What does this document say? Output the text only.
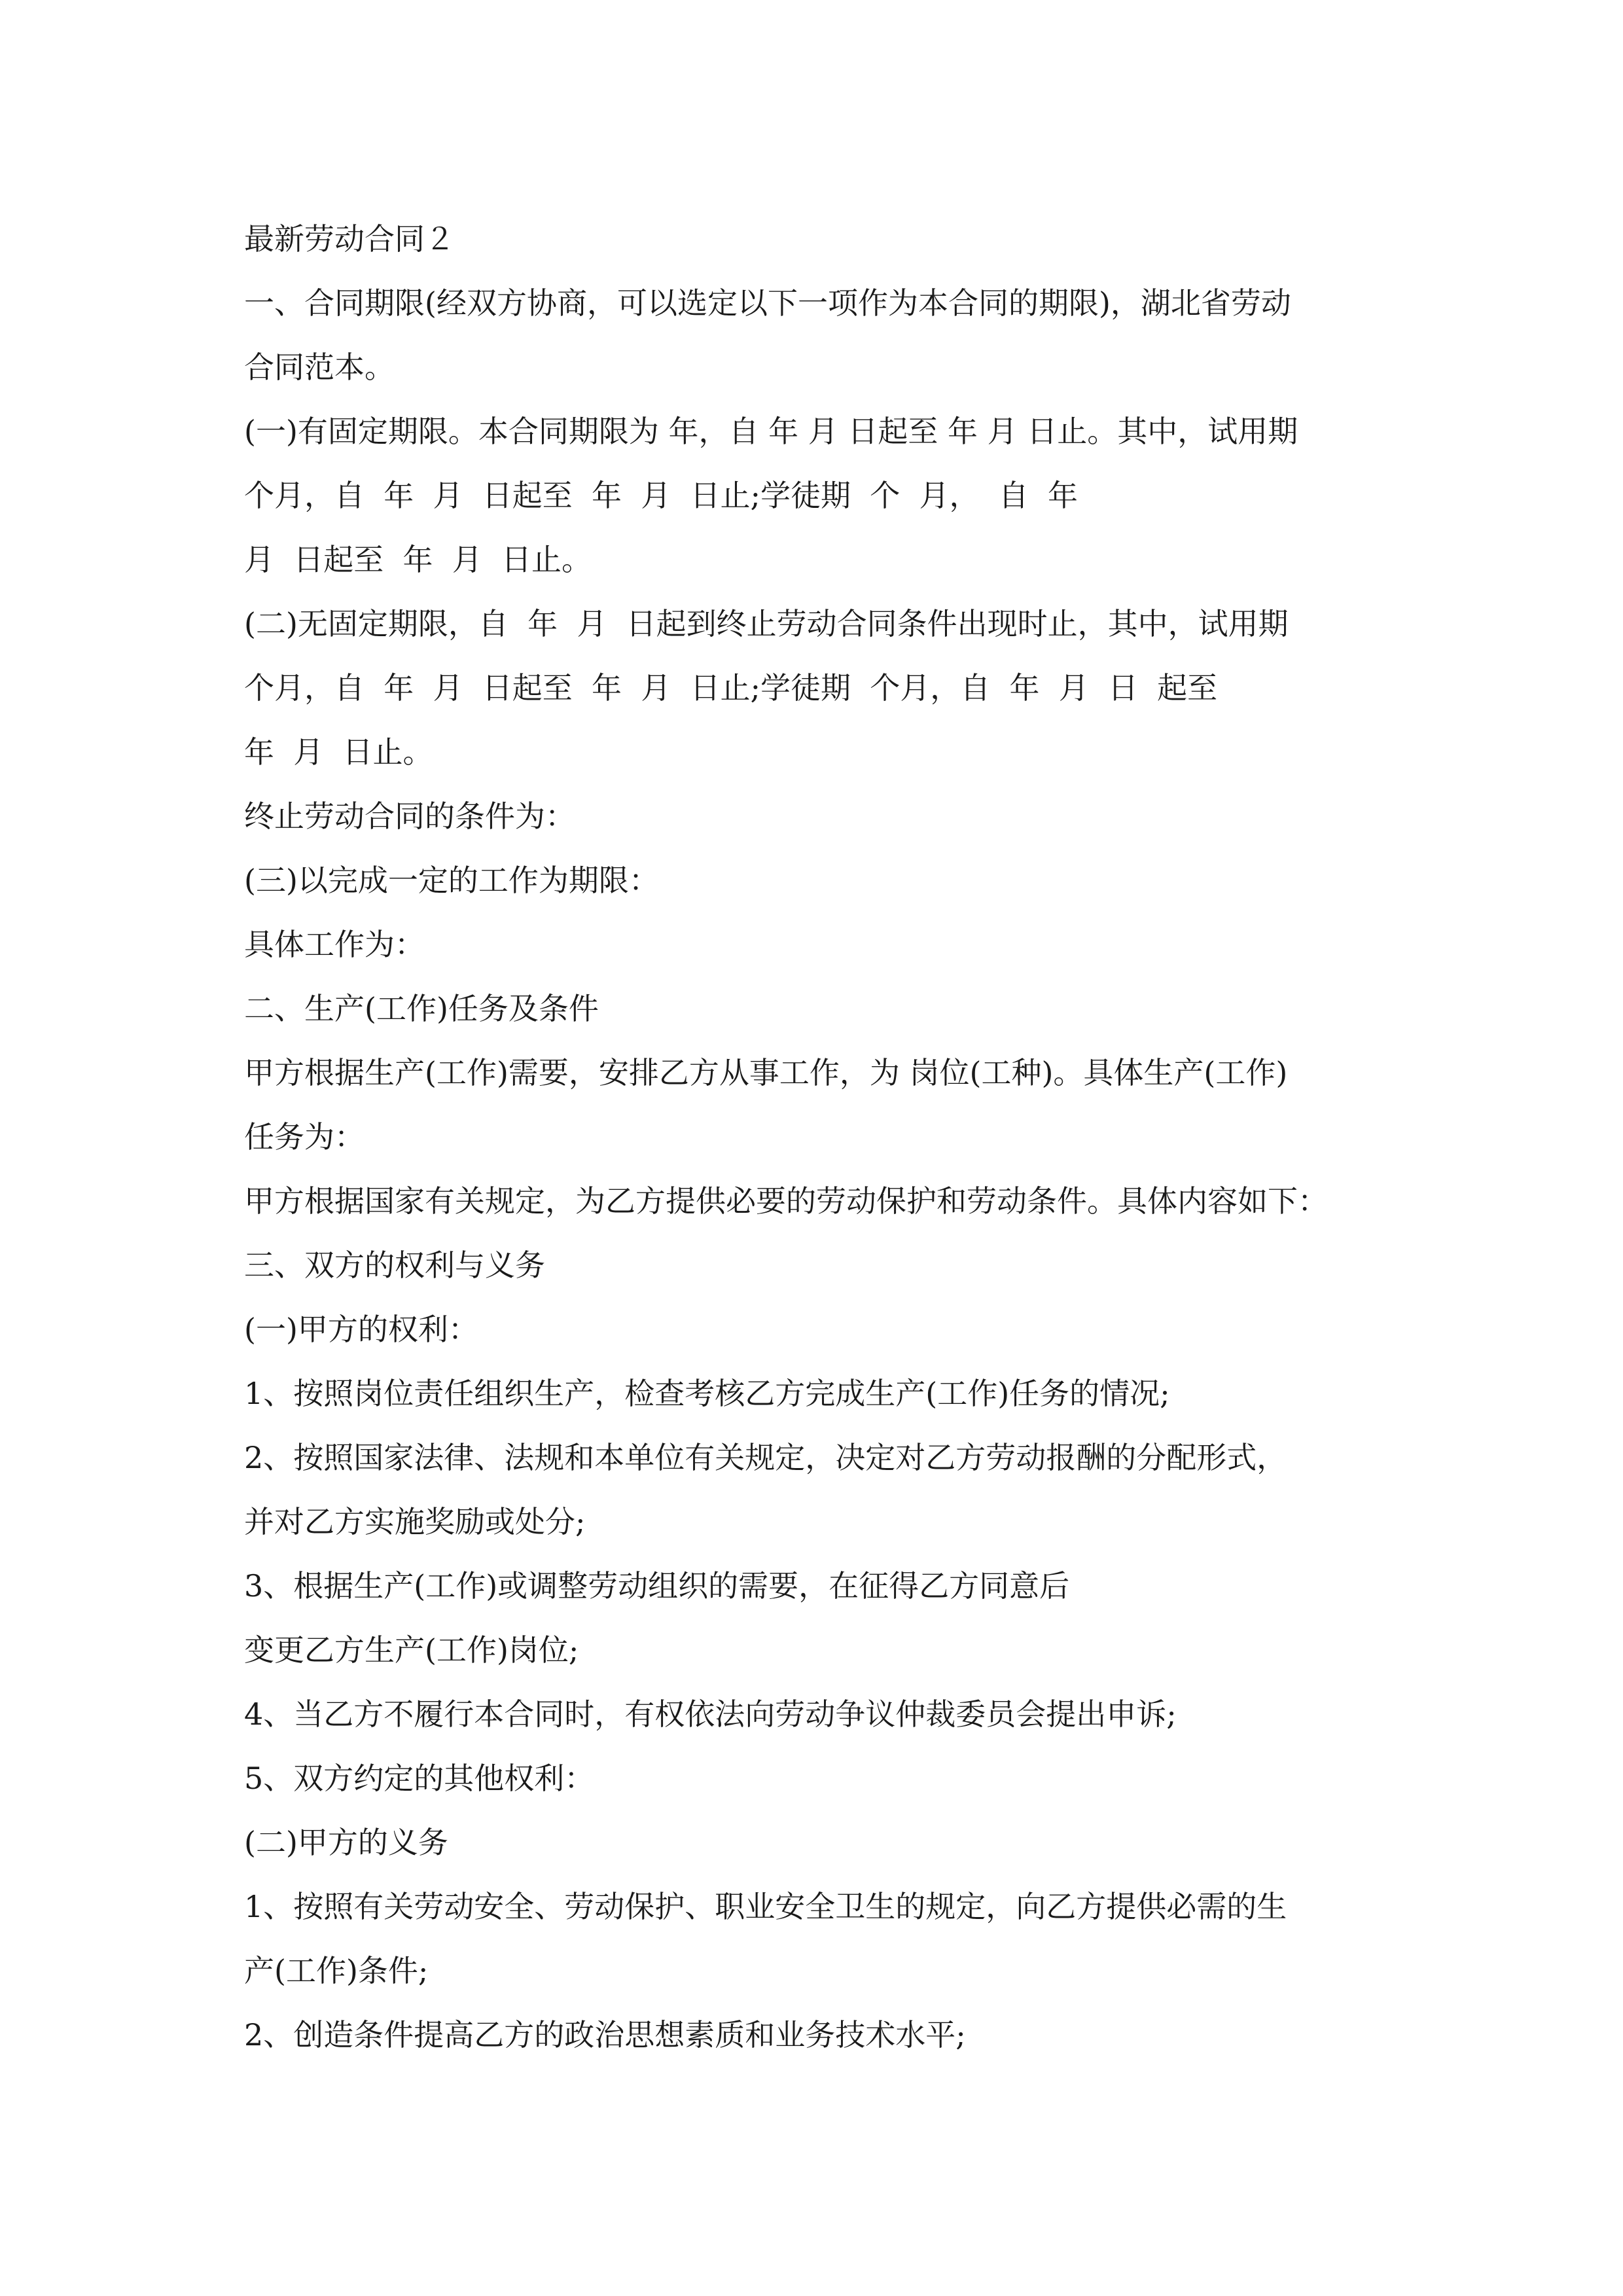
最新劳动合同２
一、合同期限(经双方协商，可以选定以下一项作为本合同的期限)，湖北省劳动
合同范本。
(一)有固定期限。本合同期限为 年，自 年 月 日起至 年 月 日止。其中，试用期
个月，自  年  月  日起至  年  月  日止;学徒期  个  月，  自  年
月  日起至  年  月  日止。
(二)无固定期限，自  年  月  日起到终止劳动合同条件出现时止，其中，试用期
个月，自  年  月  日起至  年  月  日止;学徒期  个月，自  年  月  日  起至
年  月  日止。
终止劳动合同的条件为：
(三)以完成一定的工作为期限：
具体工作为：
二、生产(工作)任务及条件
甲方根据生产(工作)需要，安排乙方从事工作，为 岗位(工种)。具体生产(工作)
任务为：
甲方根据国家有关规定，为乙方提供必要的劳动保护和劳动条件。具体内容如下：
三、双方的权利与义务
(一)甲方的权利：
1、按照岗位责任组织生产，检查考核乙方完成生产(工作)任务的情况;
2、按照国家法律、法规和本单位有关规定，决定对乙方劳动报酬的分配形式，
并对乙方实施奖励或处分;
3、根据生产(工作)或调整劳动组织的需要，在征得乙方同意后
变更乙方生产(工作)岗位;
4、当乙方不履行本合同时，有权依法向劳动争议仲裁委员会提出申诉;
5、双方约定的其他权利：
(二)甲方的义务
1、按照有关劳动安全、劳动保护、职业安全卫生的规定，向乙方提供必需的生
产(工作)条件;
2、创造条件提高乙方的政治思想素质和业务技术水平;
